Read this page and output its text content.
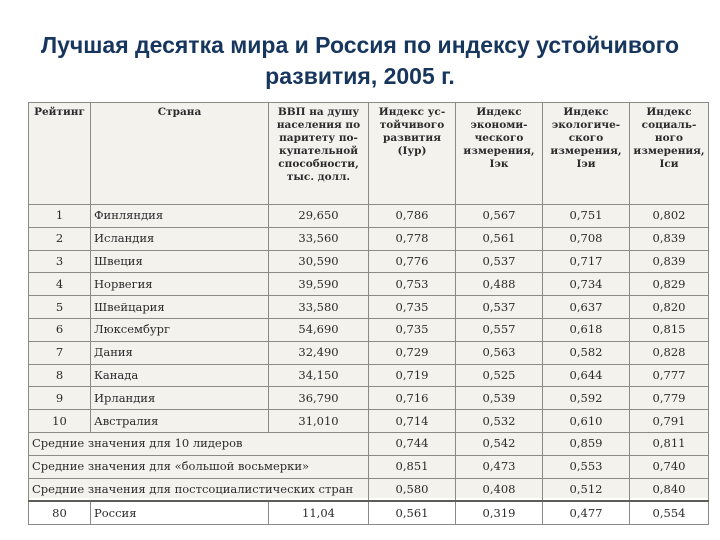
Лучшая десятка мира и Россия по индексу устойчивого развития, 2005 г.
Рейтинг	Страна	ВВП на душу населения по паритету по-купательной способности, тыс. долл.	Индекс ус-тойчивого развития (Iур)	Индекс экономи-ческого измерения, Iэк	Индекс экологиче-ского измерения, Iэи	Индекс социаль-ного измерения, Iси
1	Финляндия	29,650	0,786	0,567	0,751	0,802
2	Исландия	33,560	0,778	0,561	0,708	0,839
3	Швеция	30,590	0,776	0,537	0,717	0,839
4	Норвегия	39,590	0,753	0,488	0,734	0,829
5	Швейцария	33,580	0,735	0,537	0,637	0,820
6	Люксембург	54,690	0,735	0,557	0,618	0,815
7	Дания	32,490	0,729	0,563	0,582	0,828
8	Канада	34,150	0,719	0,525	0,644	0,777
9	Ирландия	36,790	0,716	0,539	0,592	0,779
10	Австралия	31,010	0,714	0,532	0,610	0,791
Средние значения для 10 лидеров			0,744	0,542	0,859	0,811
Средние значения для «большой восьмерки»			0,851	0,473	0,553	0,740
Средние значения для постсоциалистических стран			0,580	0,408	0,512	0,840
80	Россия	11,04	0,561	0,319	0,477	0,554
